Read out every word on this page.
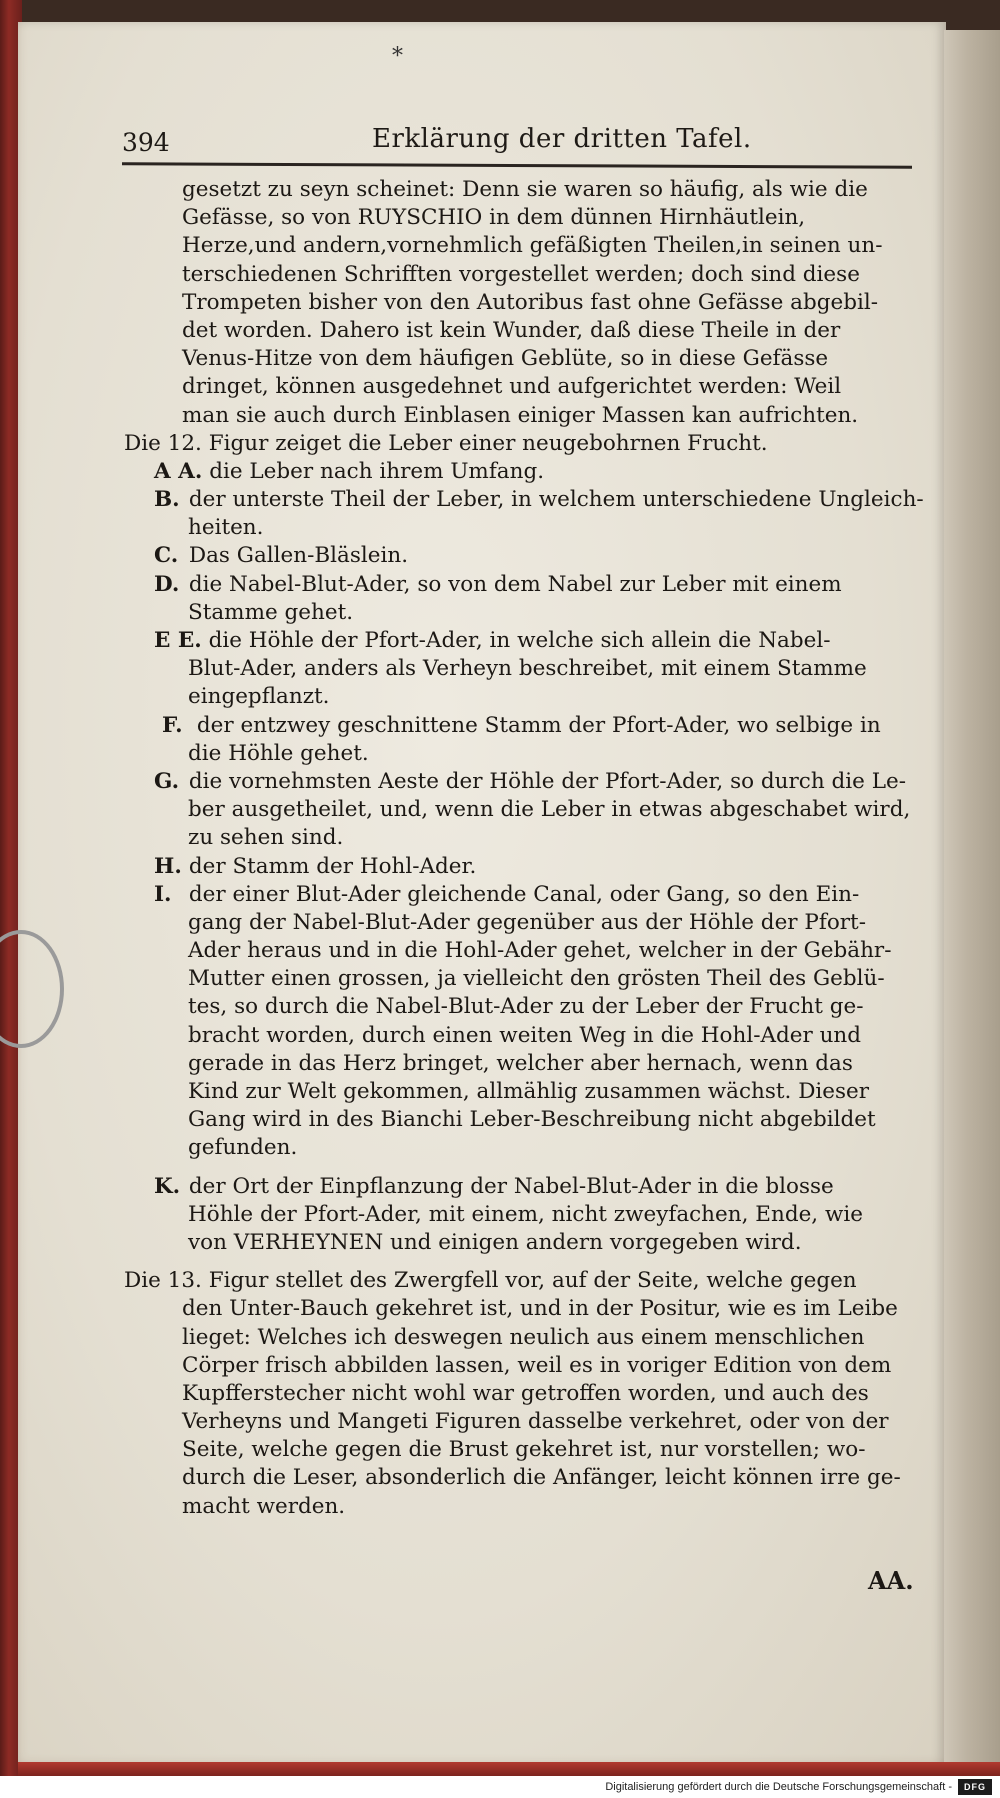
*
394	Erklärung der dritten Tafel.
gesetzt zu seyn scheinet: Denn sie waren so häufig, als wie die
Gefässe, so von RUYSCHIO in dem dünnen Hirnhäutlein,
Herze,und andern,vornehmlich gefäßigten Theilen,in seinen un-
terschiedenen Schrifften vorgestellet werden; doch sind diese
Trompeten bisher von den Autoribus fast ohne Gefässe abgebil-
det worden. Dahero ist kein Wunder, daß diese Theile in der
Venus-Hitze von dem häufigen Geblüte, so in diese Gefässe
dringet, können ausgedehnet und aufgerichtet werden: Weil
man sie auch durch Einblasen einiger Massen kan aufrichten.
Die 12. Figur zeiget die Leber einer neugebohrnen Frucht.
A A. die Leber nach ihrem Umfang.
B. der unterste Theil der Leber, in welchem unterschiedene Ungleich-
heiten.
C. Das Gallen-Bläslein.
D. die Nabel-Blut-Ader, so von dem Nabel zur Leber mit einem
Stamme gehet.
E E. die Höhle der Pfort-Ader, in welche sich allein die Nabel-
Blut-Ader, anders als Verheyn beschreibet, mit einem Stamme
eingepflanzt.
F. der entzwey geschnittene Stamm der Pfort-Ader, wo selbige in
die Höhle gehet.
G. die vornehmsten Aeste der Höhle der Pfort-Ader, so durch die Le-
ber ausgetheilet, und, wenn die Leber in etwas abgeschabet wird,
zu sehen sind.
H. der Stamm der Hohl-Ader.
I. der einer Blut-Ader gleichende Canal, oder Gang, so den Ein-
gang der Nabel-Blut-Ader gegenüber aus der Höhle der Pfort-
Ader heraus und in die Hohl-Ader gehet, welcher in der Gebähr-
Mutter einen grossen, ja vielleicht den grösten Theil des Geblü-
tes, so durch die Nabel-Blut-Ader zu der Leber der Frucht ge-
bracht worden, durch einen weiten Weg in die Hohl-Ader und
gerade in das Herz bringet, welcher aber hernach, wenn das
Kind zur Welt gekommen, allmählig zusammen wächst. Dieser
Gang wird in des Bianchi Leber-Beschreibung nicht abgebildet
gefunden.
K. der Ort der Einpflanzung der Nabel-Blut-Ader in die blosse
Höhle der Pfort-Ader, mit einem, nicht zweyfachen, Ende, wie
von VERHEYNEN und einigen andern vorgegeben wird.
Die 13. Figur stellet des Zwergfell vor, auf der Seite, welche gegen
den Unter-Bauch gekehret ist, und in der Positur, wie es im Leibe
lieget: Welches ich deswegen neulich aus einem menschlichen
Cörper frisch abbilden lassen, weil es in voriger Edition von dem
Kupfferstecher nicht wohl war getroffen worden, und auch des
Verheyns und Mangeti Figuren dasselbe verkehret, oder von der
Seite, welche gegen die Brust gekehret ist, nur vorstellen; wo-
durch die Leser, absonderlich die Anfänger, leicht können irre ge-
macht werden.
AA.
Digitalisierung gefördert durch die Deutsche Forschungsgemeinschaft -	DFG
